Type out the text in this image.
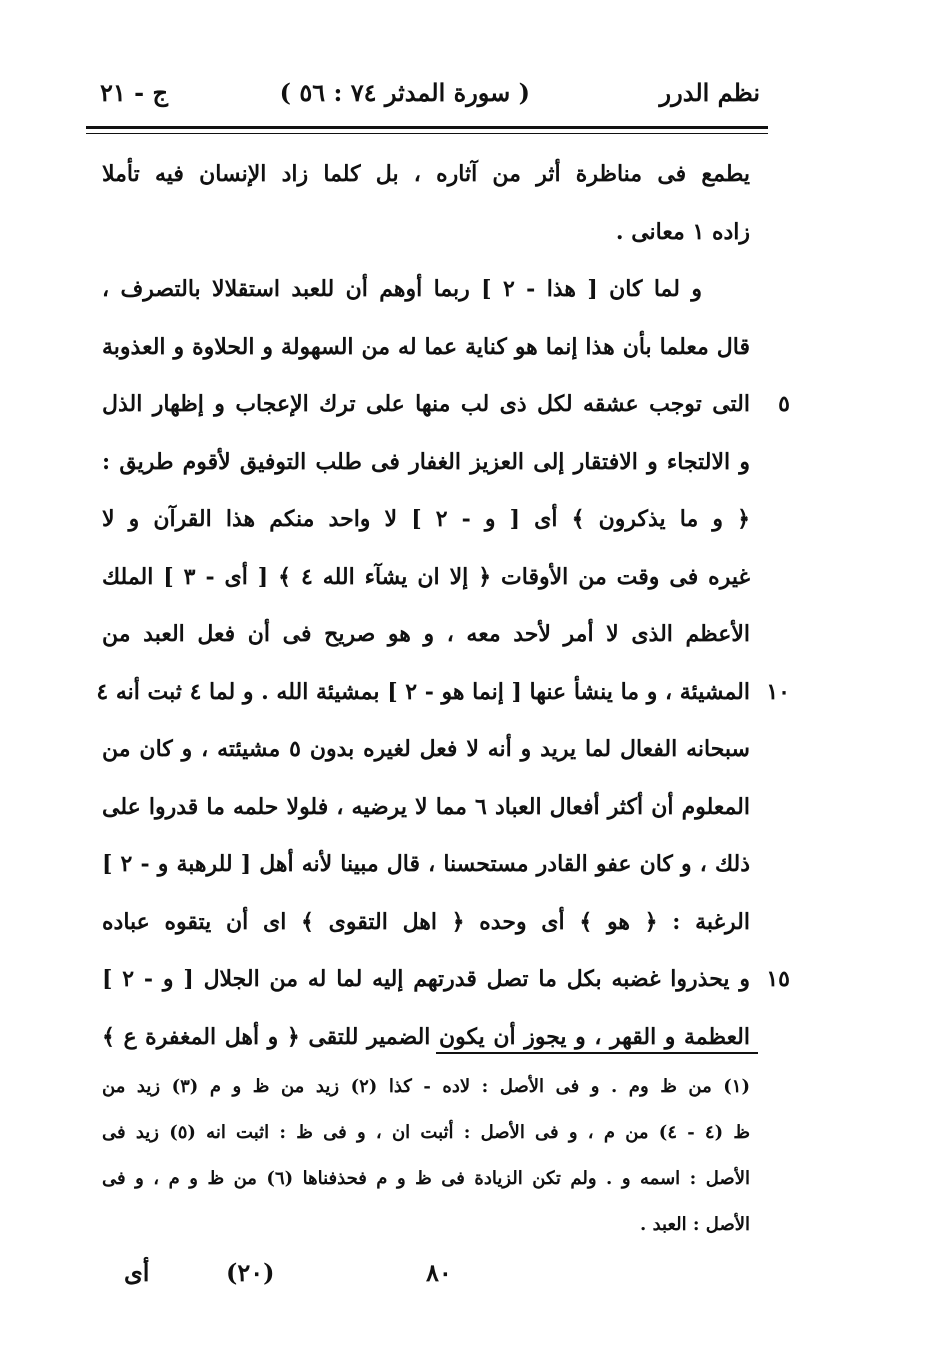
نظم الدرر
( سورة المدثر ٧٤ : ٥٦ )
ج - ٢١
يطمع فى مناظرة أثر من آثاره ، بل كلما زاد الإنسان فيه تأملا
زاده ١ معانى .
و لما كان [ هذا - ٢ ] ربما أوهم أن للعبد استقلالا بالتصرف ،
قال معلما بأن هذا إنما هو كناية عما له من السهولة و الحلاوة و العذوبة
٥
التى توجب عشقه لكل ذى لب منها على ترك الإعجاب و إظهار الذل
و الالتجاء و الافتقار إلى العزيز الغفار فى طلب التوفيق لأقوم طريق :
﴿ و ما يذكرون ﴾ أى [ و - ٢ ] لا واحد منكم هذا القرآن و لا
غيره فى وقت من الأوقات ﴿ إلا ان يشآء الله ٤ ﴾ [ أى - ٣ ] الملك
الأعظم الذى لا أمر لأحد معه ، و هو صريح فى أن فعل العبد من
١٠
المشيئة ، و ما ينشأ عنها [ إنما هو - ٢ ] بمشيئة الله . و لما ٤ ثبت أنه ٤
سبحانه الفعال لما يريد و أنه لا فعل لغيره بدون ٥ مشيئته ، و كان من
المعلوم أن أكثر أفعال العباد ٦ مما لا يرضيه ، فلولا حلمه ما قدروا على
ذلك ، و كان عفو القادر مستحسنا ، قال مبينا لأنه أهل [ للرهبة و - ٢ ]
الرغبة : ﴿ هو ﴾ أى وحده ﴿ اهل التقوى ﴾ اى أن يتقوه عباده
١٥
و يحذروا غضبه بكل ما تصل قدرتهم إليه لما له من الجلال [ و - ٢ ]
العظمة و القهر ، و يجوز أن يكون الضمير للتقى ﴿ و أهل المغفرة ع ﴾
(١) من ظ وم . و فى الأصل : لاده - كذا (٢) زيد من ظ و م (٣) زيد من
ظ (٤ - ٤) من م ، و فى الأصل : أثبت ان ، و فى ظ : اثبت انه (٥) زيد فى
الأصل : اسمه و . ولم تكن الزيادة فى ظ و م فحذفناها (٦) من ظ و م ، و فى
الأصل : العبد .
٨٠
(٢٠)
أى
